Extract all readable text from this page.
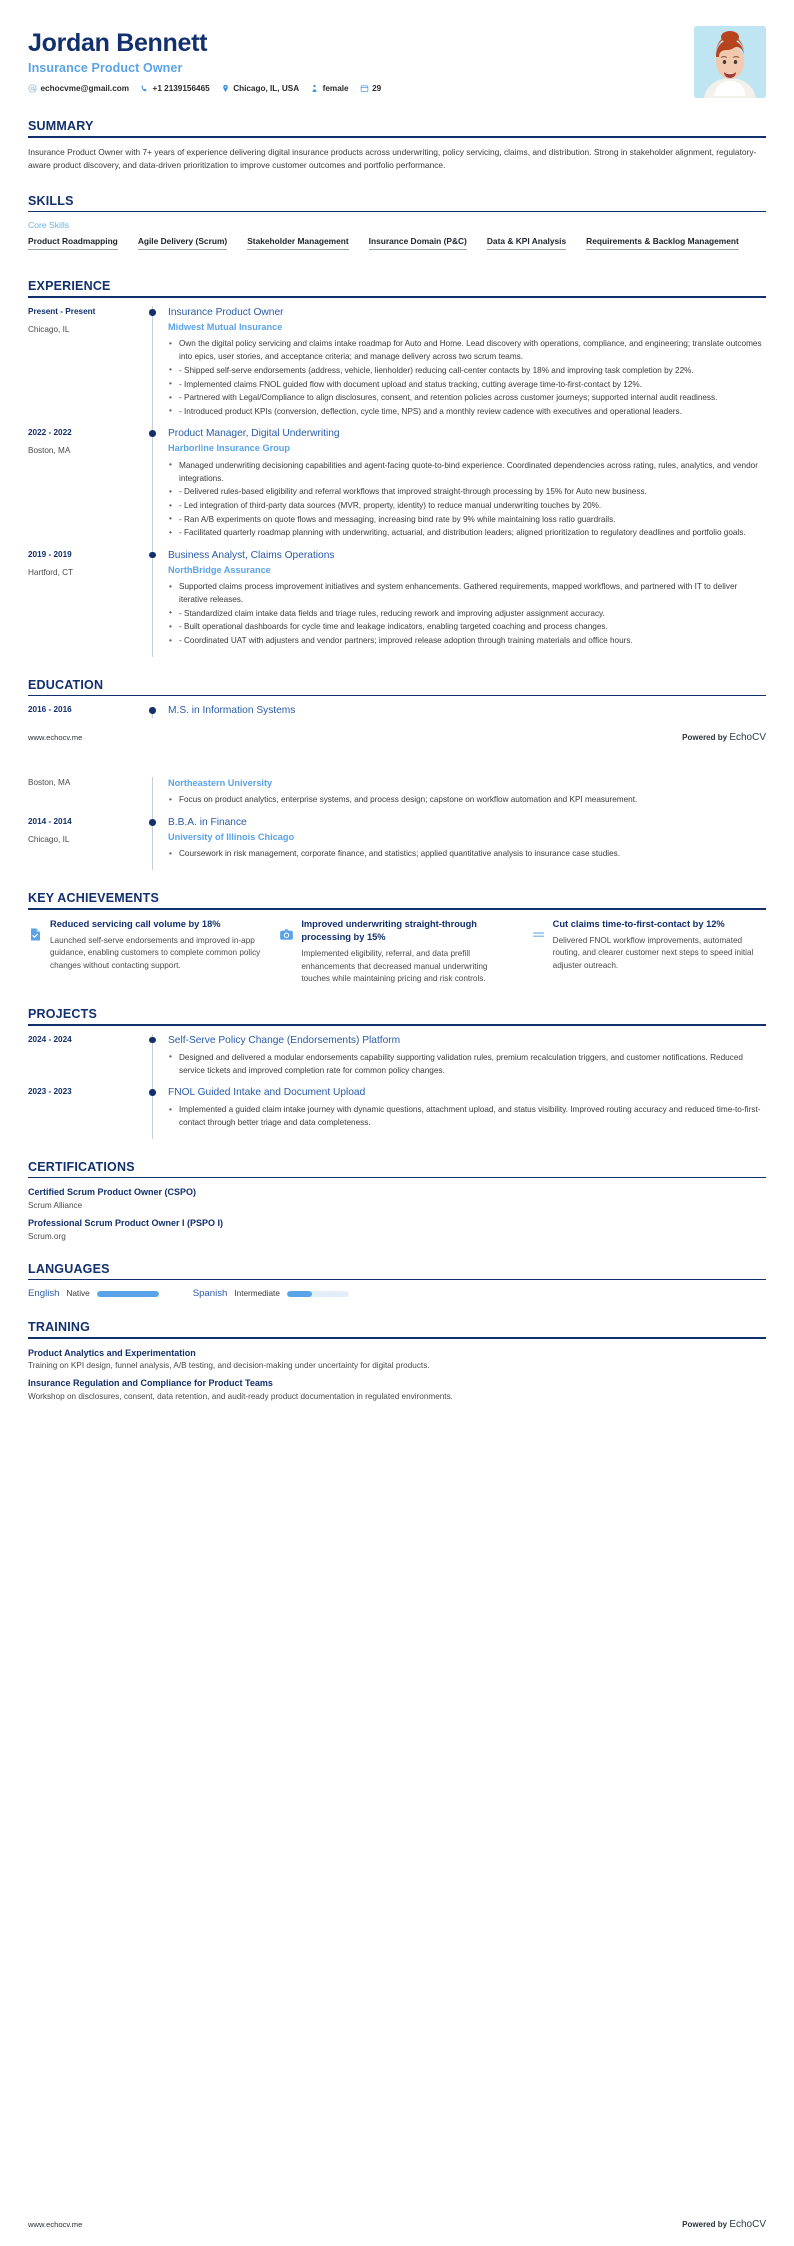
Jordan Bennett
Insurance Product Owner
echocvme@gmail.com	+1 2139156465	Chicago, IL, USA	female	29
SUMMARY
Insurance Product Owner with 7+ years of experience delivering digital insurance products across underwriting, policy servicing, claims, and distribution. Strong in stakeholder alignment, regulatory-aware product discovery, and data-driven prioritization to improve customer outcomes and portfolio performance.
SKILLS
Core Skills
Product Roadmapping Agile Delivery (Scrum) Stakeholder Management Insurance Domain (P&C) Data & KPI Analysis Requirements & Backlog Management
EXPERIENCE
Present - Present
Chicago, IL
Insurance Product Owner
Midwest Mutual Insurance
• Own the digital policy servicing and claims intake roadmap for Auto and Home. Lead discovery with operations, compliance, and engineering; translate outcomes into epics, user stories, and acceptance criteria; and manage delivery across two scrum teams.
• - Shipped self-serve endorsements (address, vehicle, lienholder) reducing call-center contacts by 18% and improving task completion by 22%.
• - Implemented claims FNOL guided flow with document upload and status tracking, cutting average time-to-first-contact by 12%.
• - Partnered with Legal/Compliance to align disclosures, consent, and retention policies across customer journeys; supported internal audit readiness.
• - Introduced product KPIs (conversion, deflection, cycle time, NPS) and a monthly review cadence with executives and operational leaders.
2022 - 2022
Boston, MA
Product Manager, Digital Underwriting
Harborline Insurance Group
• Managed underwriting decisioning capabilities and agent-facing quote-to-bind experience. Coordinated dependencies across rating, rules, analytics, and vendor integrations.
• - Delivered rules-based eligibility and referral workflows that improved straight-through processing by 15% for Auto new business.
• - Led integration of third-party data sources (MVR, property, identity) to reduce manual underwriting touches by 20%.
• - Ran A/B experiments on quote flows and messaging, increasing bind rate by 9% while maintaining loss ratio guardrails.
• - Facilitated quarterly roadmap planning with underwriting, actuarial, and distribution leaders; aligned prioritization to regulatory deadlines and portfolio goals.
2019 - 2019
Hartford, CT
Business Analyst, Claims Operations
NorthBridge Assurance
• Supported claims process improvement initiatives and system enhancements. Gathered requirements, mapped workflows, and partnered with IT to deliver iterative releases.
• - Standardized claim intake data fields and triage rules, reducing rework and improving adjuster assignment accuracy.
• - Built operational dashboards for cycle time and leakage indicators, enabling targeted coaching and process changes.
• - Coordinated UAT with adjusters and vendor partners; improved release adoption through training materials and office hours.
EDUCATION
2016 - 2016	M.S. in Information Systems
www.echocv.me	Powered by EchoCV
Boston, MA	Northeastern University
• Focus on product analytics, enterprise systems, and process design; capstone on workflow automation and KPI measurement.
2014 - 2014
Chicago, IL
B.B.A. in Finance
University of Illinois Chicago
• Coursework in risk management, corporate finance, and statistics; applied quantitative analysis to insurance case studies.
KEY ACHIEVEMENTS
Reduced servicing call volume by 18%
Launched self-serve endorsements and improved in-app guidance, enabling customers to complete common policy changes without contacting support.
Improved underwriting straight-through processing by 15%
Implemented eligibility, referral, and data prefill enhancements that decreased manual underwriting touches while maintaining pricing and risk controls.
Cut claims time-to-first-contact by 12%
Delivered FNOL workflow improvements, automated routing, and clearer customer next steps to speed initial adjuster outreach.
PROJECTS
2024 - 2024	Self-Serve Policy Change (Endorsements) Platform
• Designed and delivered a modular endorsements capability supporting validation rules, premium recalculation triggers, and customer notifications. Reduced service tickets and improved completion rate for common policy changes.
2023 - 2023	FNOL Guided Intake and Document Upload
• Implemented a guided claim intake journey with dynamic questions, attachment upload, and status visibility. Improved routing accuracy and reduced time-to-first-contact through better triage and data completeness.
CERTIFICATIONS
Certified Scrum Product Owner (CSPO)
Scrum Alliance
Professional Scrum Product Owner I (PSPO I)
Scrum.org
LANGUAGES
English Native	Spanish Intermediate
TRAINING
Product Analytics and Experimentation
Training on KPI design, funnel analysis, A/B testing, and decision-making under uncertainty for digital products.
Insurance Regulation and Compliance for Product Teams
Workshop on disclosures, consent, data retention, and audit-ready product documentation in regulated environments.
www.echocv.me	Powered by EchoCV
